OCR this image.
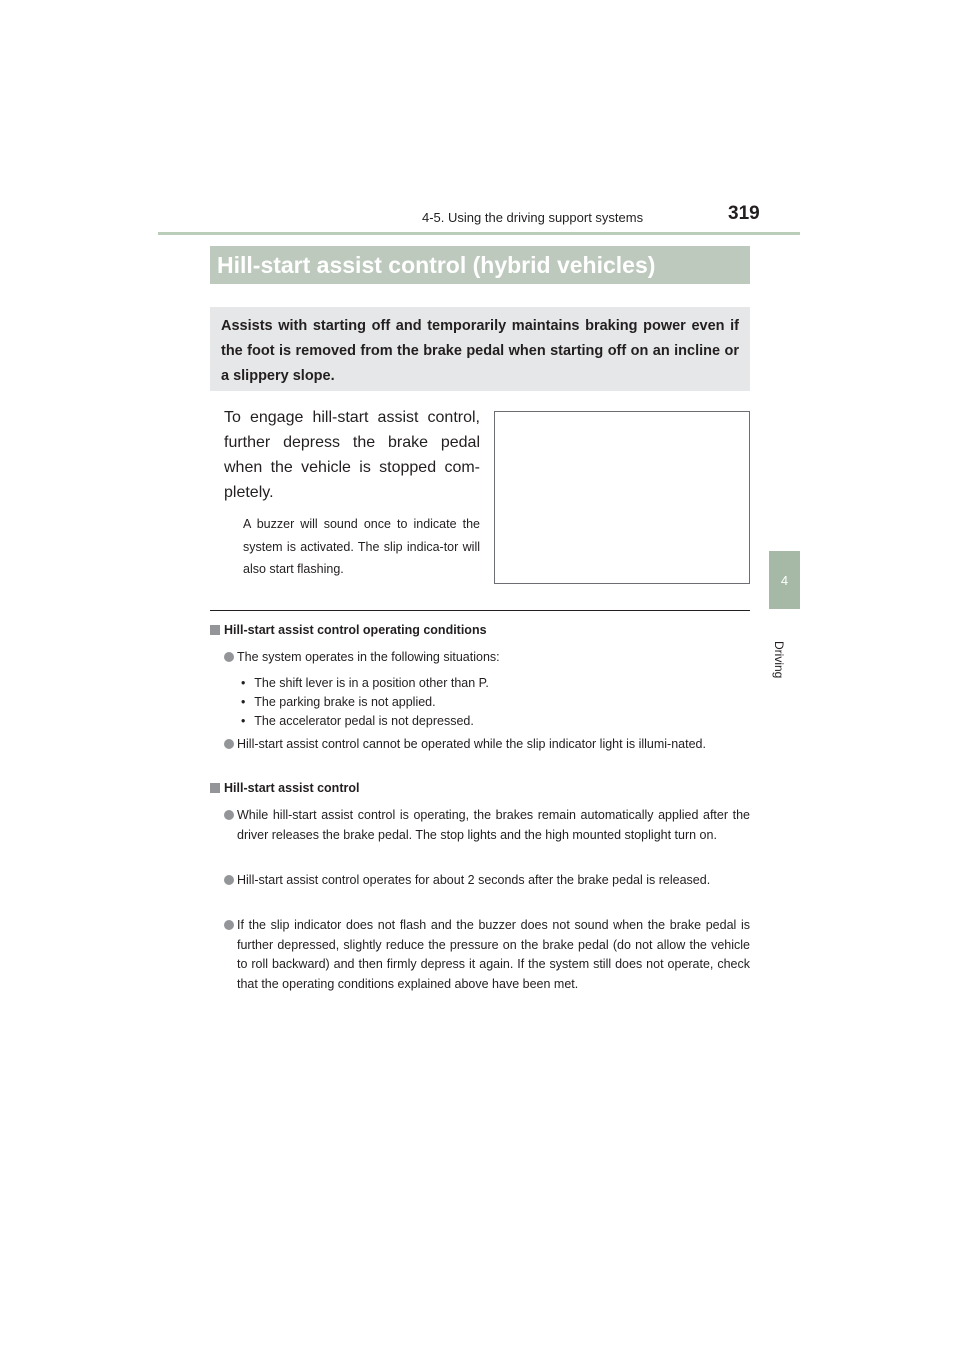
4-5. Using the driving support systems	319
4
Driving
Hill-start assist control (hybrid vehicles)
Assists with starting off and temporarily maintains braking power even if the foot is removed from the brake pedal when starting off on an incline or a slippery slope.
To engage hill-start assist control, further depress the brake pedal when the vehicle is stopped com-pletely.
A buzzer will sound once to indicate the system is activated. The slip indica-tor will also start flashing.
Hill-start assist control operating conditions
The system operates in the following situations:
• The shift lever is in a position other than P.
• The parking brake is not applied.
• The accelerator pedal is not depressed.
Hill-start assist control cannot be operated while the slip indicator light is illumi-nated.
Hill-start assist control
While hill-start assist control is operating, the brakes remain automatically applied after the driver releases the brake pedal. The stop lights and the high mounted stoplight turn on.
Hill-start assist control operates for about 2 seconds after the brake pedal is released.
If the slip indicator does not flash and the buzzer does not sound when the brake pedal is further depressed, slightly reduce the pressure on the brake pedal (do not allow the vehicle to roll backward) and then firmly depress it again. If the system still does not operate, check that the operating conditions explained above have been met.
